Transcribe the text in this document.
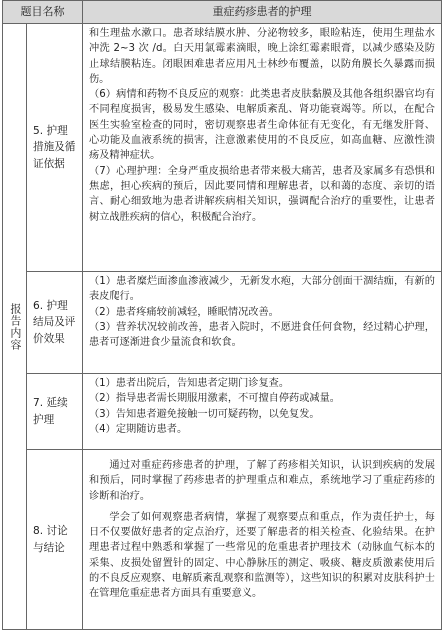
题目名称		重症药疹患者的护理

报告内容	5. 护理措施及循证依据	和生理盐水漱口。患者球结膜水肿、分泌物较多，眼睑粘连，使用生理盐水冲洗 2~3 次 /d。白天用氯霉素滴眼，晚上涂红霉素眼膏，以减少感染及防止球结膜粘连。闭眼困难患者应用凡士林纱布覆盖，以防角膜长久暴露而损伤。

（6）病情和药物不良反应的观察：此类患者皮肤黏膜及其他各组织器官均有不同程度损害，极易发生感染、电解质紊乱、肾功能衰竭等。所以，在配合医生实验室检查的同时，密切观察患者生命体征有无变化，有无继发肝肾、心功能及血液系统的损害，注意激素使用的不良反应，如高血糖、应激性溃疡及精神症状。

（7）心理护理：全身严重皮损给患者带来极大痛苦，患者及家属多有恐惧和焦虑，担心疾病的预后，因此要同情和理解患者，以和蔼的态度、亲切的语言、耐心细致地为患者讲解疾病相关知识，强调配合治疗的重要性，让患者树立战胜疾病的信心，积极配合治疗。

	6. 护理结局及评价效果	（1）患者糜烂面渗血渗液减少，无新发水疱，大部分创面干涸结痂，有新的表皮爬行。

（2）患者疼痛较前减轻，睡眠情况改善。

（3）营养状况较前改善，患者入院时，不愿进食任何食物，经过精心护理，患者可逐渐进食少量流食和软食。

	7. 延续护理	（1）患者出院后，告知患者定期门诊复查。

（2）指导患者需长期服用激素，不可擅自停药或减量。

（3）告知患者避免接触一切可疑药物，以免复发。

（4）定期随访患者。

	8. 讨论与结论	通过对重症药疹患者的护理，了解了药疹相关知识，认识到疾病的发展和预后，同时掌握了药疹患者的护理重点和难点，系统地学习了重症药疹的诊断和治疗。

学会了如何观察患者病情，掌握了观察要点和重点，作为责任护士，每日不仅要做好患者的定点治疗，还要了解患者的相关检查、化验结果。在护理患者过程中熟悉和掌握了一些常见的危重患者护理技术（动脉血气标本的采集、皮损处留置针的固定、中心静脉压的测定、吸痰、糖皮质激素使用后的不良反应观察、电解质紊乱观察和监测等），这些知识的积累对皮肤科护士在管理危重症患者方面具有重要意义。
